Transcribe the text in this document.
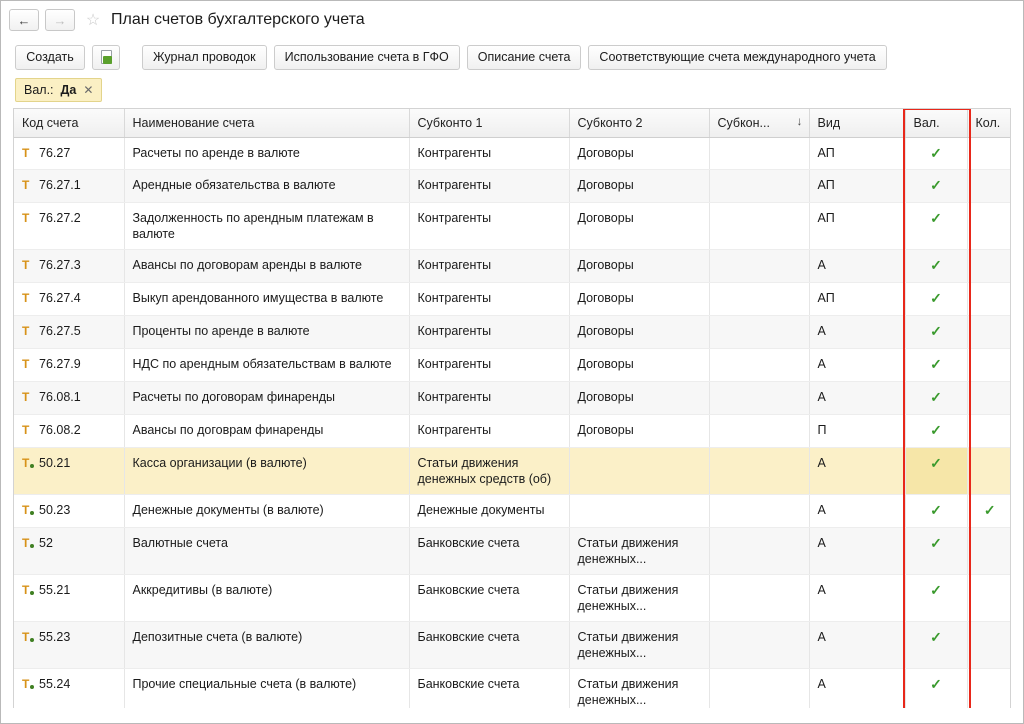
← → ☆ План счетов бухгалтерского учета
Создать	Журнал проводок	Использование счета в ГФО	Описание счета	Соответствующие счета международного учета
Вал.: Да ✕
Код счета	Наименование счета	Субконто 1	Субконто 2	Субкон... ↓	Вид	Вал.	Кол.
Т 76.27	Расчеты по аренде в валюте	Контрагенты	Договоры		АП	✓	

Т 76.27.1	Арендные обязательства в валюте	Контрагенты	Договоры		АП	✓	

Т 76.27.2	Задолженность по арендным платежам в валюте	Контрагенты	Договоры		АП	✓	

Т 76.27.3	Авансы по договорам аренды в валюте	Контрагенты	Договоры		А	✓	

Т 76.27.4	Выкуп арендованного имущества в валюте	Контрагенты	Договоры		АП	✓	

Т 76.27.5	Проценты по аренде в валюте	Контрагенты	Договоры		А	✓	

Т 76.27.9	НДС по арендным обязательствам в валюте	Контрагенты	Договоры		А	✓	

Т 76.08.1	Расчеты по договорам финаренды	Контрагенты	Договоры		А	✓	

Т 76.08.2	Авансы по договрам финаренды	Контрагенты	Договоры		П	✓	

Т 50.21	Касса организации (в валюте)	Статьи движения денежных средств (об)			А	✓	

Т 50.23	Денежные документы (в валюте)	Денежные документы			А	✓	✓

Т 52	Валютные счета	Банковские счета	Статьи движения денежных...		А	✓	

Т 55.21	Аккредитивы (в валюте)	Банковские счета	Статьи движения денежных...		А	✓	

Т 55.23	Депозитные счета (в валюте)	Банковские счета	Статьи движения денежных...		А	✓	

Т 55.24	Прочие специальные счета (в валюте)	Банковские счета	Статьи движения денежных...		А	✓	
